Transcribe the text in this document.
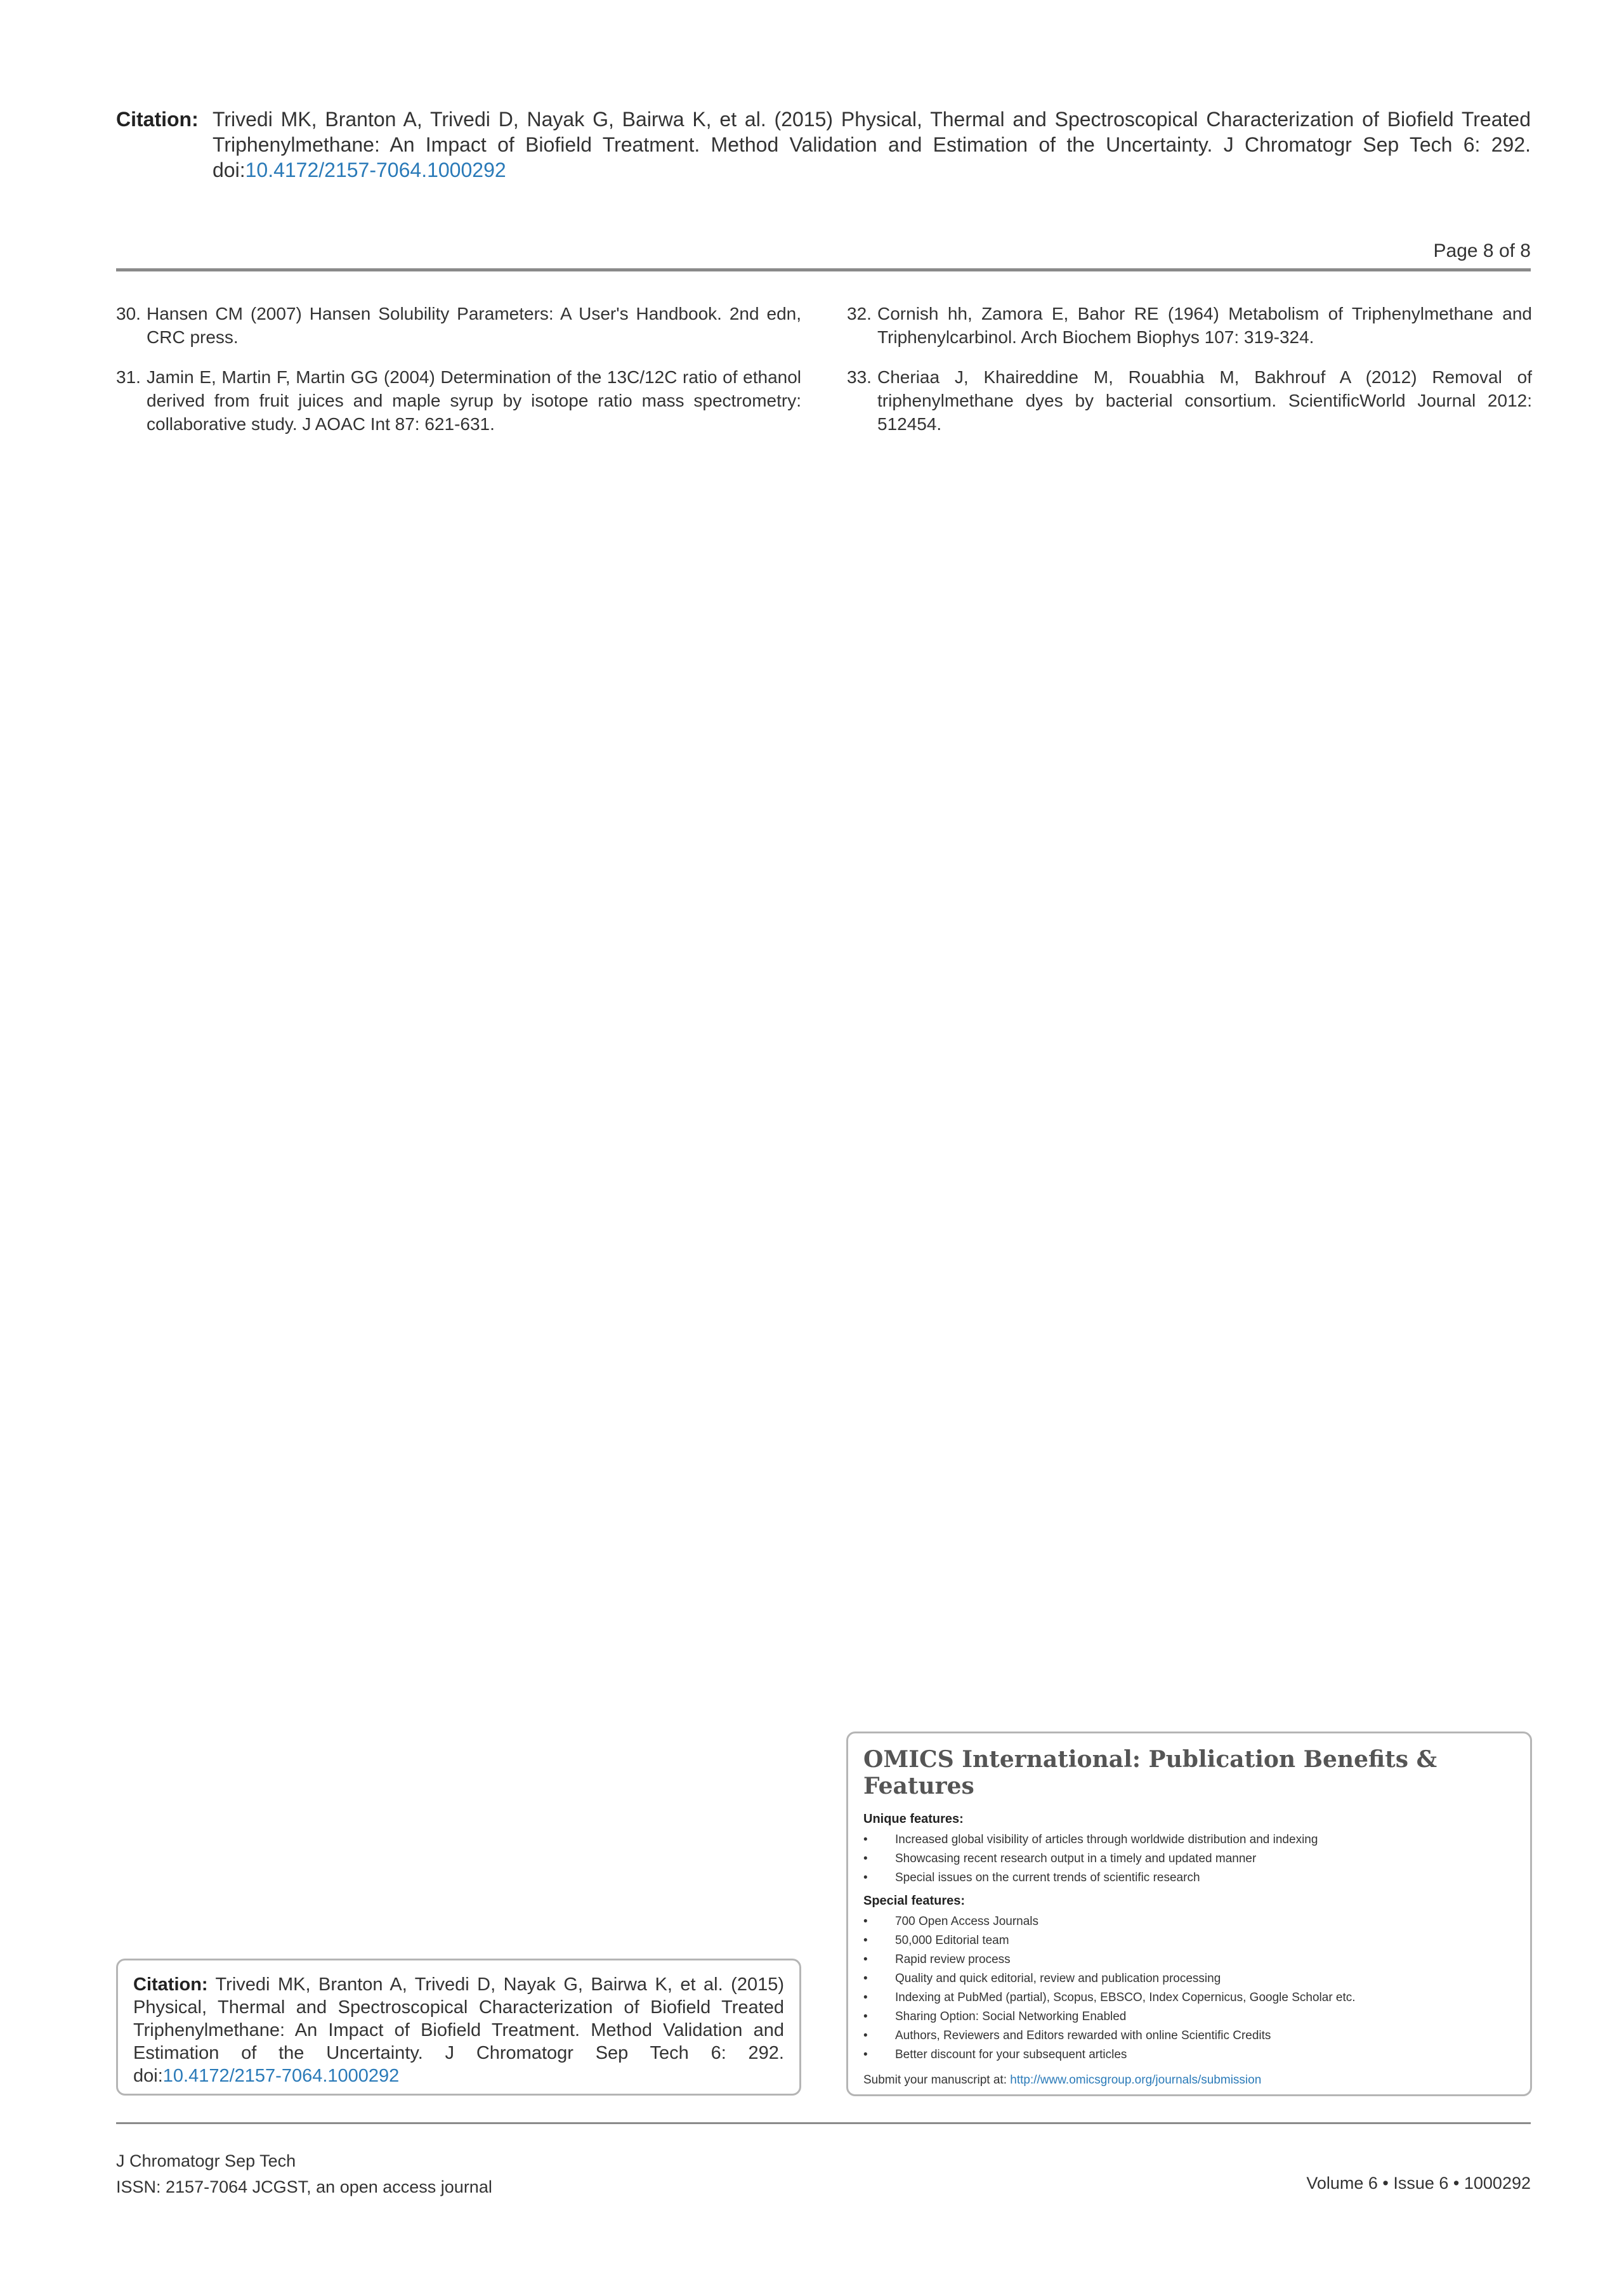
Citation: Trivedi MK, Branton A, Trivedi D, Nayak G, Bairwa K, et al. (2015) Physical, Thermal and Spectroscopical Characterization of Biofield Treated Triphenylmethane: An Impact of Biofield Treatment. Method Validation and Estimation of the Uncertainty. J Chromatogr Sep Tech 6: 292. doi:10.4172/2157-7064.1000292
Page 8 of 8
30. Hansen CM (2007) Hansen Solubility Parameters: A User's Handbook. 2nd edn, CRC press.
31. Jamin E, Martin F, Martin GG (2004) Determination of the 13C/12C ratio of ethanol derived from fruit juices and maple syrup by isotope ratio mass spectrometry: collaborative study. J AOAC Int 87: 621-631.
32. Cornish hh, Zamora E, Bahor RE (1964) Metabolism of Triphenylmethane and Triphenylcarbinol. Arch Biochem Biophys 107: 319-324.
33. Cheriaa J, Khaireddine M, Rouabhia M, Bakhrouf A (2012) Removal of triphenylmethane dyes by bacterial consortium. ScientificWorld Journal 2012: 512454.
OMICS International: Publication Benefits & Features
Unique features:
• Increased global visibility of articles through worldwide distribution and indexing
• Showcasing recent research output in a timely and updated manner
• Special issues on the current trends of scientific research
Special features:
• 700 Open Access Journals
• 50,000 Editorial team
• Rapid review process
• Quality and quick editorial, review and publication processing
• Indexing at PubMed (partial), Scopus, EBSCO, Index Copernicus, Google Scholar etc.
• Sharing Option: Social Networking Enabled
• Authors, Reviewers and Editors rewarded with online Scientific Credits
• Better discount for your subsequent articles
Submit your manuscript at: http://www.omicsgroup.org/journals/submission
Citation: Trivedi MK, Branton A, Trivedi D, Nayak G, Bairwa K, et al. (2015) Physical, Thermal and Spectroscopical Characterization of Biofield Treated Triphenylmethane: An Impact of Biofield Treatment. Method Validation and Estimation of the Uncertainty. J Chromatogr Sep Tech 6: 292. doi:10.4172/2157-7064.1000292
J Chromatogr Sep Tech
ISSN: 2157-7064 JCGST, an open access journal	Volume 6 • Issue 6 • 1000292
